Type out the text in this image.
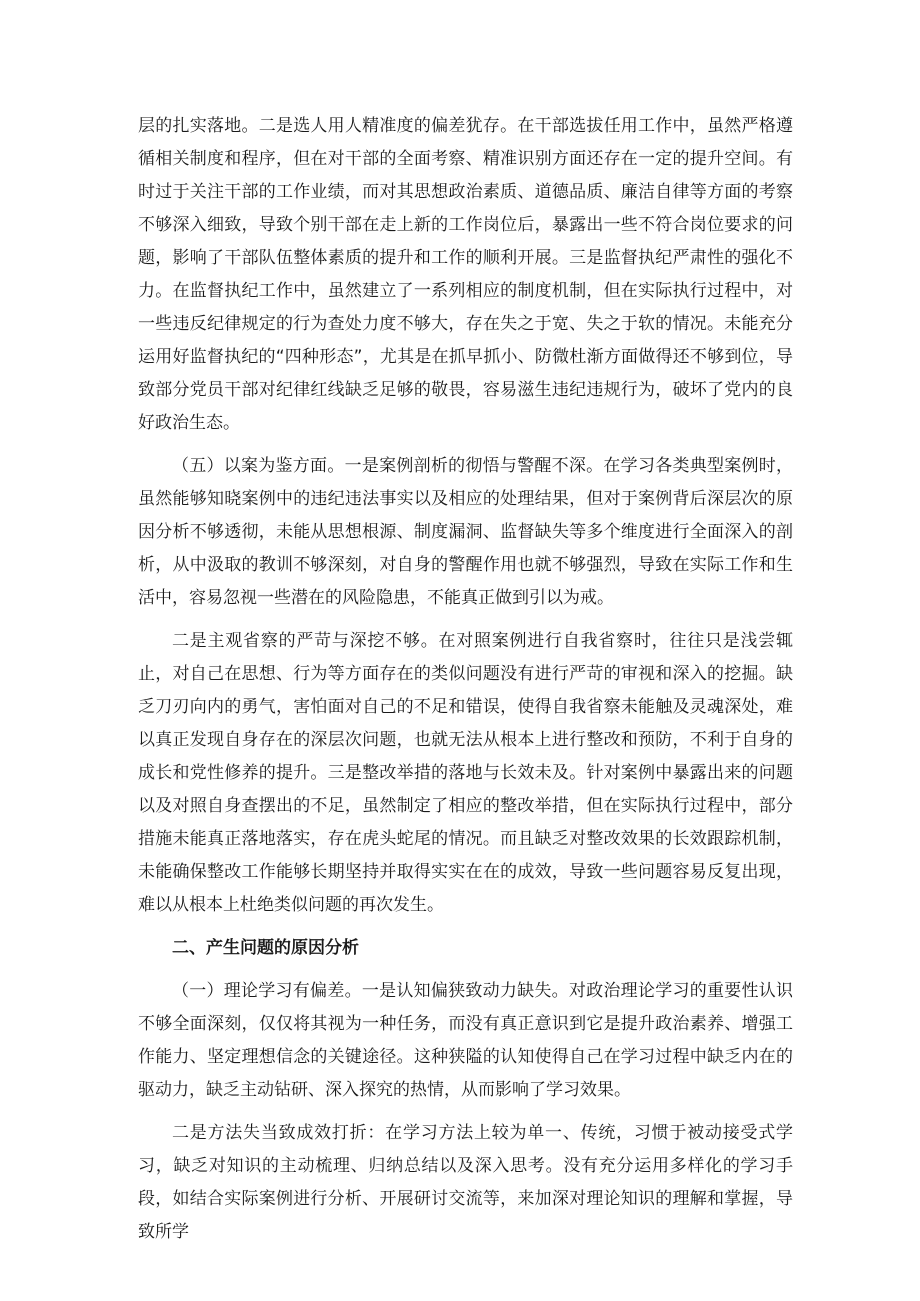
层的扎实落地。二是选人用人精准度的偏差犹存。在干部选拔任用工作中，虽然严格遵循相关制度和程序，但在对干部的全面考察、精准识别方面还存在一定的提升空间。有时过于关注干部的工作业绩，而对其思想政治素质、道德品质、廉洁自律等方面的考察不够深入细致，导致个别干部在走上新的工作岗位后，暴露出一些不符合岗位要求的问题，影响了干部队伍整体素质的提升和工作的顺利开展。三是监督执纪严肃性的强化不力。在监督执纪工作中，虽然建立了一系列相应的制度机制，但在实际执行过程中，对一些违反纪律规定的行为查处力度不够大，存在失之于宽、失之于软的情况。未能充分运用好监督执纪的“四种形态”，尤其是在抓早抓小、防微杜渐方面做得还不够到位，导致部分党员干部对纪律红线缺乏足够的敬畏，容易滋生违纪违规行为，破坏了党内的良好政治生态。

（五）以案为鉴方面。一是案例剖析的彻悟与警醒不深。在学习各类典型案例时，虽然能够知晓案例中的违纪违法事实以及相应的处理结果，但对于案例背后深层次的原因分析不够透彻，未能从思想根源、制度漏洞、监督缺失等多个维度进行全面深入的剖析，从中汲取的教训不够深刻，对自身的警醒作用也就不够强烈，导致在实际工作和生活中，容易忽视一些潜在的风险隐患，不能真正做到引以为戒。

二是主观省察的严苛与深挖不够。在对照案例进行自我省察时，往往只是浅尝辄止，对自己在思想、行为等方面存在的类似问题没有进行严苛的审视和深入的挖掘。缺乏刀刃向内的勇气，害怕面对自己的不足和错误，使得自我省察未能触及灵魂深处，难以真正发现自身存在的深层次问题，也就无法从根本上进行整改和预防，不利于自身的成长和党性修养的提升。三是整改举措的落地与长效未及。针对案例中暴露出来的问题以及对照自身查摆出的不足，虽然制定了相应的整改举措，但在实际执行过程中，部分措施未能真正落地落实，存在虎头蛇尾的情况。而且缺乏对整改效果的长效跟踪机制，未能确保整改工作能够长期坚持并取得实实在在的成效，导致一些问题容易反复出现，难以从根本上杜绝类似问题的再次发生。

二、产生问题的原因分析

（一）理论学习有偏差。一是认知偏狭致动力缺失。对政治理论学习的重要性认识不够全面深刻，仅仅将其视为一种任务，而没有真正意识到它是提升政治素养、增强工作能力、坚定理想信念的关键途径。这种狭隘的认知使得自己在学习过程中缺乏内在的驱动力，缺乏主动钻研、深入探究的热情，从而影响了学习效果。

二是方法失当致成效打折：在学习方法上较为单一、传统，习惯于被动接受式学习，缺乏对知识的主动梳理、归纳总结以及深入思考。没有充分运用多样化的学习手段，如结合实际案例进行分析、开展研讨交流等，来加深对理论知识的理解和掌握，导致所学
